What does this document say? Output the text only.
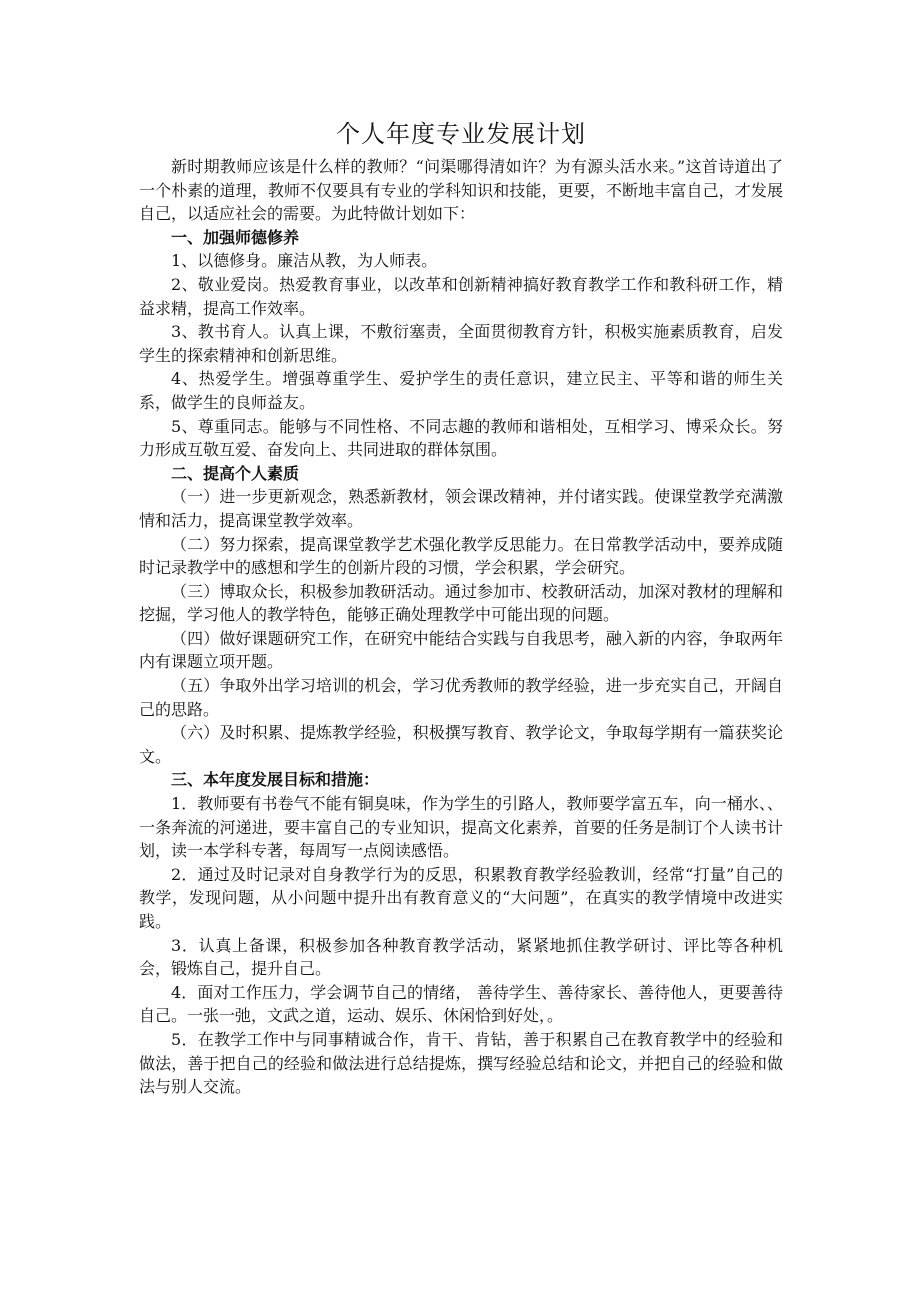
个人年度专业发展计划

新时期教师应该是什么样的教师？“问渠哪得清如许？为有源头活水来。”这首诗道出了一个朴素的道理，教师不仅要具有专业的学科知识和技能，更要，不断地丰富自己，才发展自己，以适应社会的需要。为此特做计划如下：

一、加强师德修养

1、以德修身。廉洁从教，为人师表。

2、敬业爱岗。热爱教育事业，以改革和创新精神搞好教育教学工作和教科研工作，精益求精，提高工作效率。

3、教书育人。认真上课，不敷衍塞责，全面贯彻教育方针，积极实施素质教育，启发学生的探索精神和创新思维。

4、热爱学生。增强尊重学生、爱护学生的责任意识，建立民主、平等和谐的师生关系，做学生的良师益友。

5、尊重同志。能够与不同性格、不同志趣的教师和谐相处，互相学习、博采众长。努力形成互敬互爱、奋发向上、共同进取的群体氛围。

二、提高个人素质

（一）进一步更新观念，熟悉新教材，领会课改精神，并付诸实践。使课堂教学充满激情和活力，提高课堂教学效率。

（二）努力探索，提高课堂教学艺术强化教学反思能力。在日常教学活动中，要养成随时记录教学中的感想和学生的创新片段的习惯，学会积累，学会研究。

（三）博取众长，积极参加教研活动。通过参加市、校教研活动，加深对教材的理解和挖掘，学习他人的教学特色，能够正确处理教学中可能出现的问题。

（四）做好课题研究工作，在研究中能结合实践与自我思考，融入新的内容，争取两年内有课题立项开题。

（五）争取外出学习培训的机会，学习优秀教师的教学经验，进一步充实自己，开阔自己的思路。

（六）及时积累、提炼教学经验，积极撰写教育、教学论文，争取每学期有一篇获奖论文。

三、本年度发展目标和措施：

1．教师要有书卷气不能有铜臭味，作为学生的引路人，教师要学富五车，向一桶水、、一条奔流的河递进，要丰富自己的专业知识，提高文化素养，首要的任务是制订个人读书计划，读一本学科专著，每周写一点阅读感悟。

2．通过及时记录对自身教学行为的反思，积累教育教学经验教训，经常“打量”自己的教学，发现问题，从小问题中提升出有教育意义的“大问题”，在真实的教学情境中改进实践。

3．认真上备课，积极参加各种教育教学活动，紧紧地抓住教学研讨、评比等各种机会，锻炼自己，提升自己。

4．面对工作压力，学会调节自己的情绪， 善待学生、善待家长、善待他人，更要善待自己。一张一弛，文武之道，运动、娱乐、休闲恰到好处，。

5．在教学工作中与同事精诚合作，肯干、肯钻，善于积累自己在教育教学中的经验和做法，善于把自己的经验和做法进行总结提炼，撰写经验总结和论文，并把自己的经验和做法与别人交流。
